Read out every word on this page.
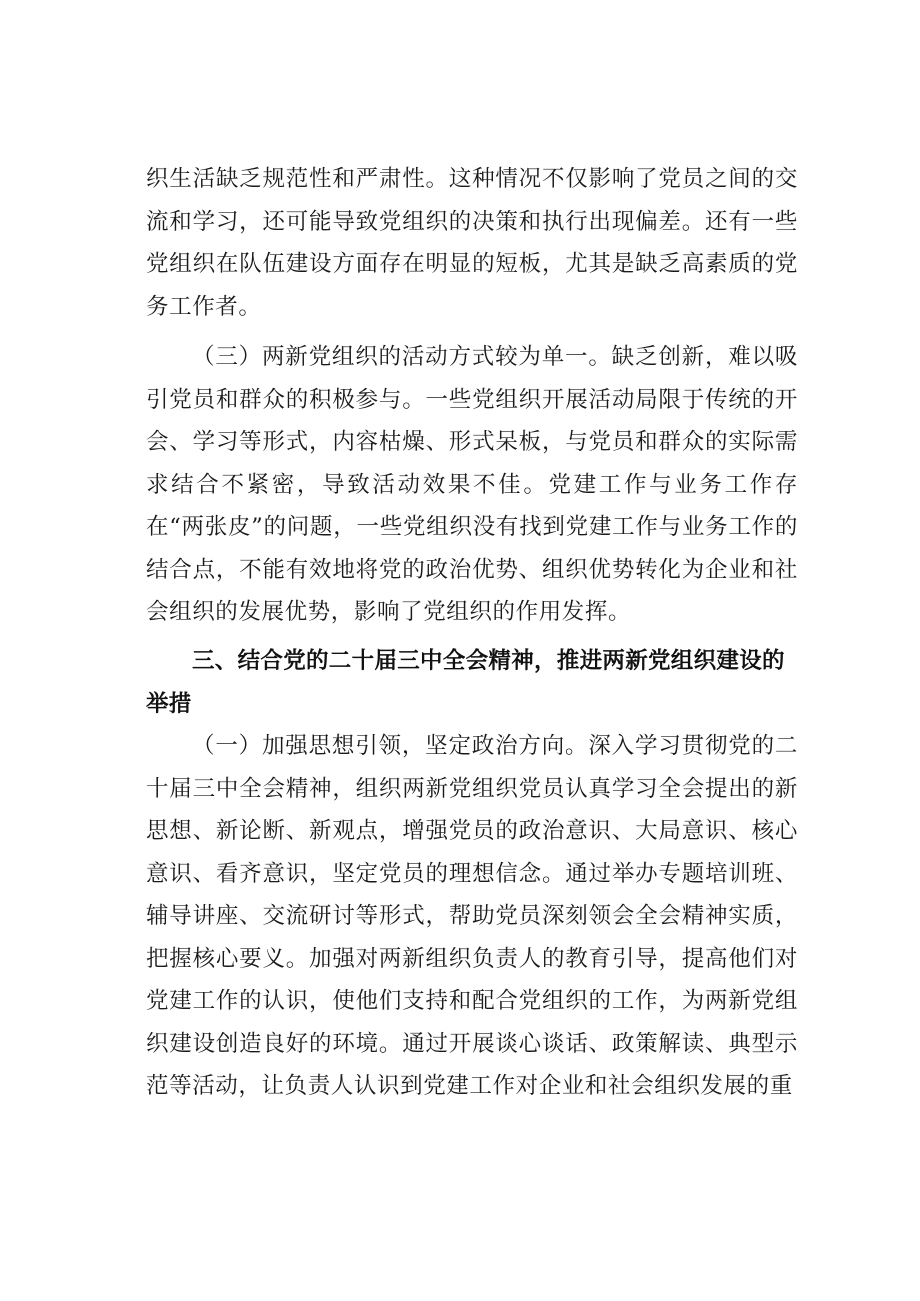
织生活缺乏规范性和严肃性。这种情况不仅影响了党员之间的交流和学习，还可能导致党组织的决策和执行出现偏差。还有一些党组织在队伍建设方面存在明显的短板，尤其是缺乏高素质的党务工作者。

（三）两新党组织的活动方式较为单一。缺乏创新，难以吸引党员和群众的积极参与。一些党组织开展活动局限于传统的开会、学习等形式，内容枯燥、形式呆板，与党员和群众的实际需求结合不紧密，导致活动效果不佳。党建工作与业务工作存在“两张皮”的问题，一些党组织没有找到党建工作与业务工作的结合点，不能有效地将党的政治优势、组织优势转化为企业和社会组织的发展优势，影响了党组织的作用发挥。

三、结合党的二十届三中全会精神，推进两新党组织建设的举措

（一）加强思想引领，坚定政治方向。深入学习贯彻党的二十届三中全会精神，组织两新党组织党员认真学习全会提出的新思想、新论断、新观点，增强党员的政治意识、大局意识、核心意识、看齐意识，坚定党员的理想信念。通过举办专题培训班、辅导讲座、交流研讨等形式，帮助党员深刻领会全会精神实质，把握核心要义。加强对两新组织负责人的教育引导，提高他们对党建工作的认识，使他们支持和配合党组织的工作，为两新党组织建设创造良好的环境。通过开展谈心谈话、政策解读、典型示范等活动，让负责人认识到党建工作对企业和社会组织发展的重
